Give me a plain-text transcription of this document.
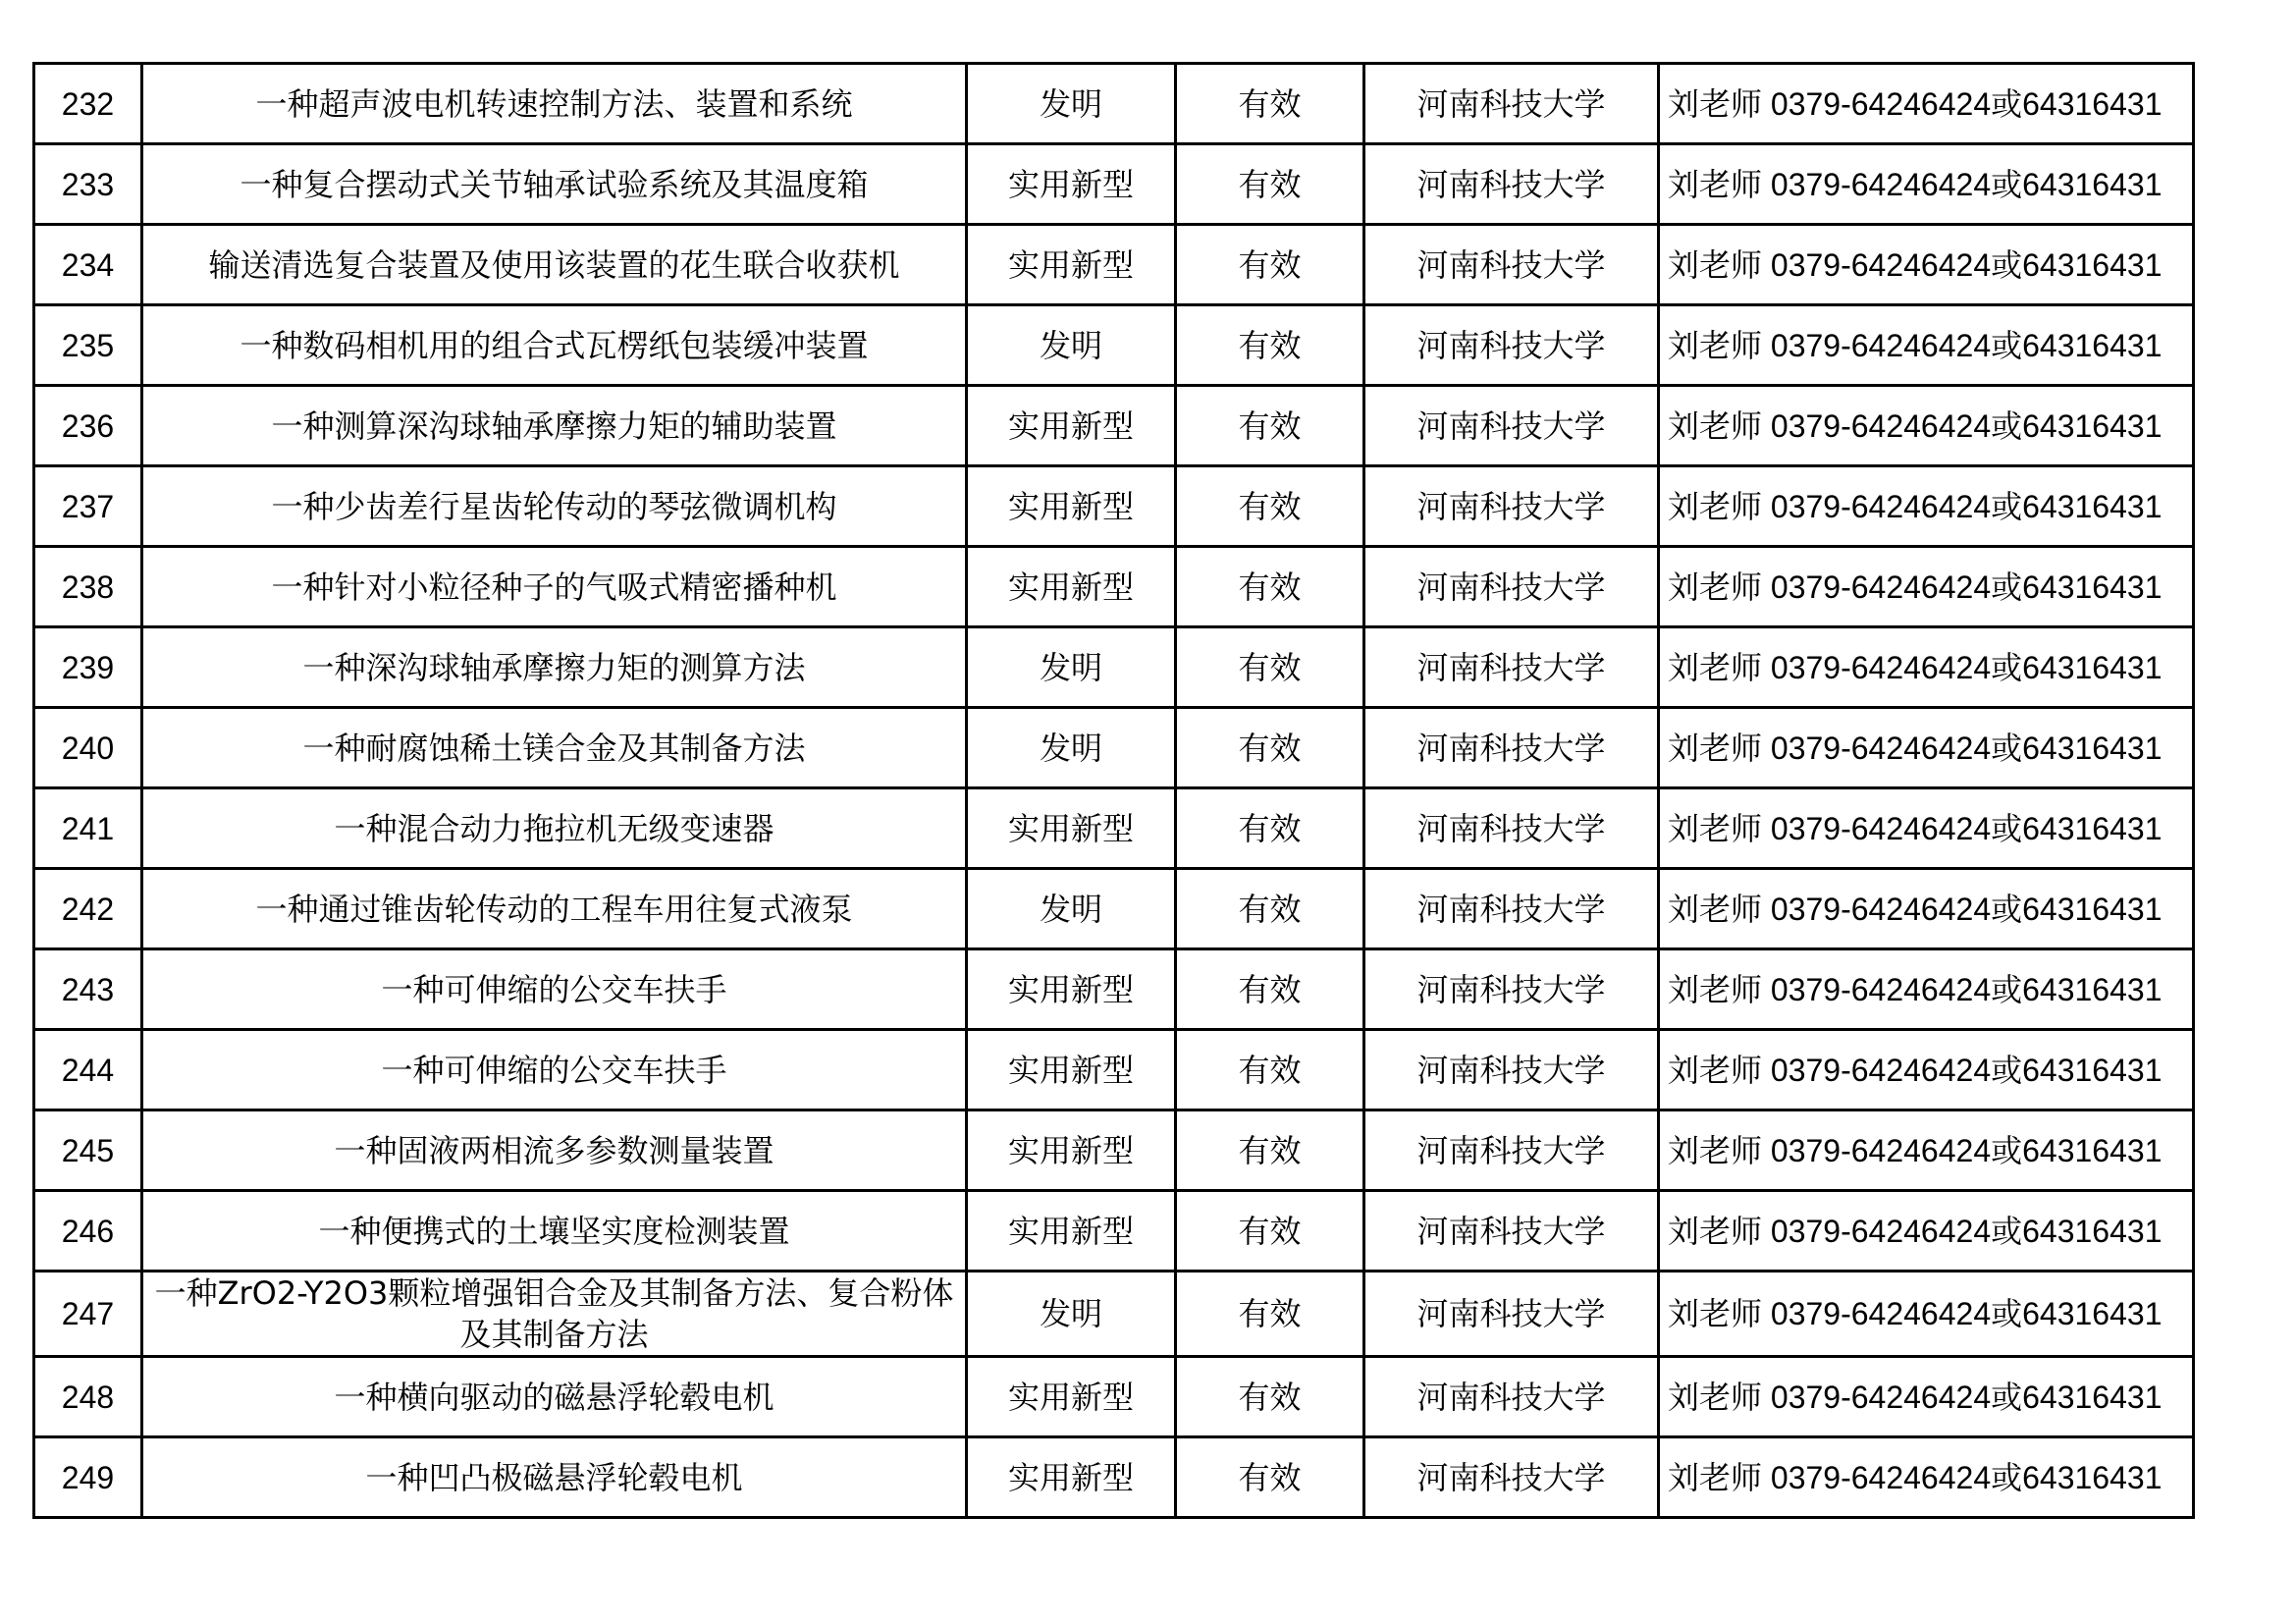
232	一种超声波电机转速控制方法、装置和系统	发明	有效	河南科技大学	刘老师 0379-64246424或64316431
233	一种复合摆动式关节轴承试验系统及其温度箱	实用新型	有效	河南科技大学	刘老师 0379-64246424或64316431
234	输送清选复合装置及使用该装置的花生联合收获机	实用新型	有效	河南科技大学	刘老师 0379-64246424或64316431
235	一种数码相机用的组合式瓦楞纸包装缓冲装置	发明	有效	河南科技大学	刘老师 0379-64246424或64316431
236	一种测算深沟球轴承摩擦力矩的辅助装置	实用新型	有效	河南科技大学	刘老师 0379-64246424或64316431
237	一种少齿差行星齿轮传动的琴弦微调机构	实用新型	有效	河南科技大学	刘老师 0379-64246424或64316431
238	一种针对小粒径种子的气吸式精密播种机	实用新型	有效	河南科技大学	刘老师 0379-64246424或64316431
239	一种深沟球轴承摩擦力矩的测算方法	发明	有效	河南科技大学	刘老师 0379-64246424或64316431
240	一种耐腐蚀稀土镁合金及其制备方法	发明	有效	河南科技大学	刘老师 0379-64246424或64316431
241	一种混合动力拖拉机无级变速器	实用新型	有效	河南科技大学	刘老师 0379-64246424或64316431
242	一种通过锥齿轮传动的工程车用往复式液泵	发明	有效	河南科技大学	刘老师 0379-64246424或64316431
243	一种可伸缩的公交车扶手	实用新型	有效	河南科技大学	刘老师 0379-64246424或64316431
244	一种可伸缩的公交车扶手	实用新型	有效	河南科技大学	刘老师 0379-64246424或64316431
245	一种固液两相流多参数测量装置	实用新型	有效	河南科技大学	刘老师 0379-64246424或64316431
246	一种便携式的土壤坚实度检测装置	实用新型	有效	河南科技大学	刘老师 0379-64246424或64316431
247	一种ZrO2-Y2O3颗粒增强钼合金及其制备方法、复合粉体及其制备方法	发明	有效	河南科技大学	刘老师 0379-64246424或64316431
248	一种横向驱动的磁悬浮轮毂电机	实用新型	有效	河南科技大学	刘老师 0379-64246424或64316431
249	一种凹凸极磁悬浮轮毂电机	实用新型	有效	河南科技大学	刘老师 0379-64246424或64316431
